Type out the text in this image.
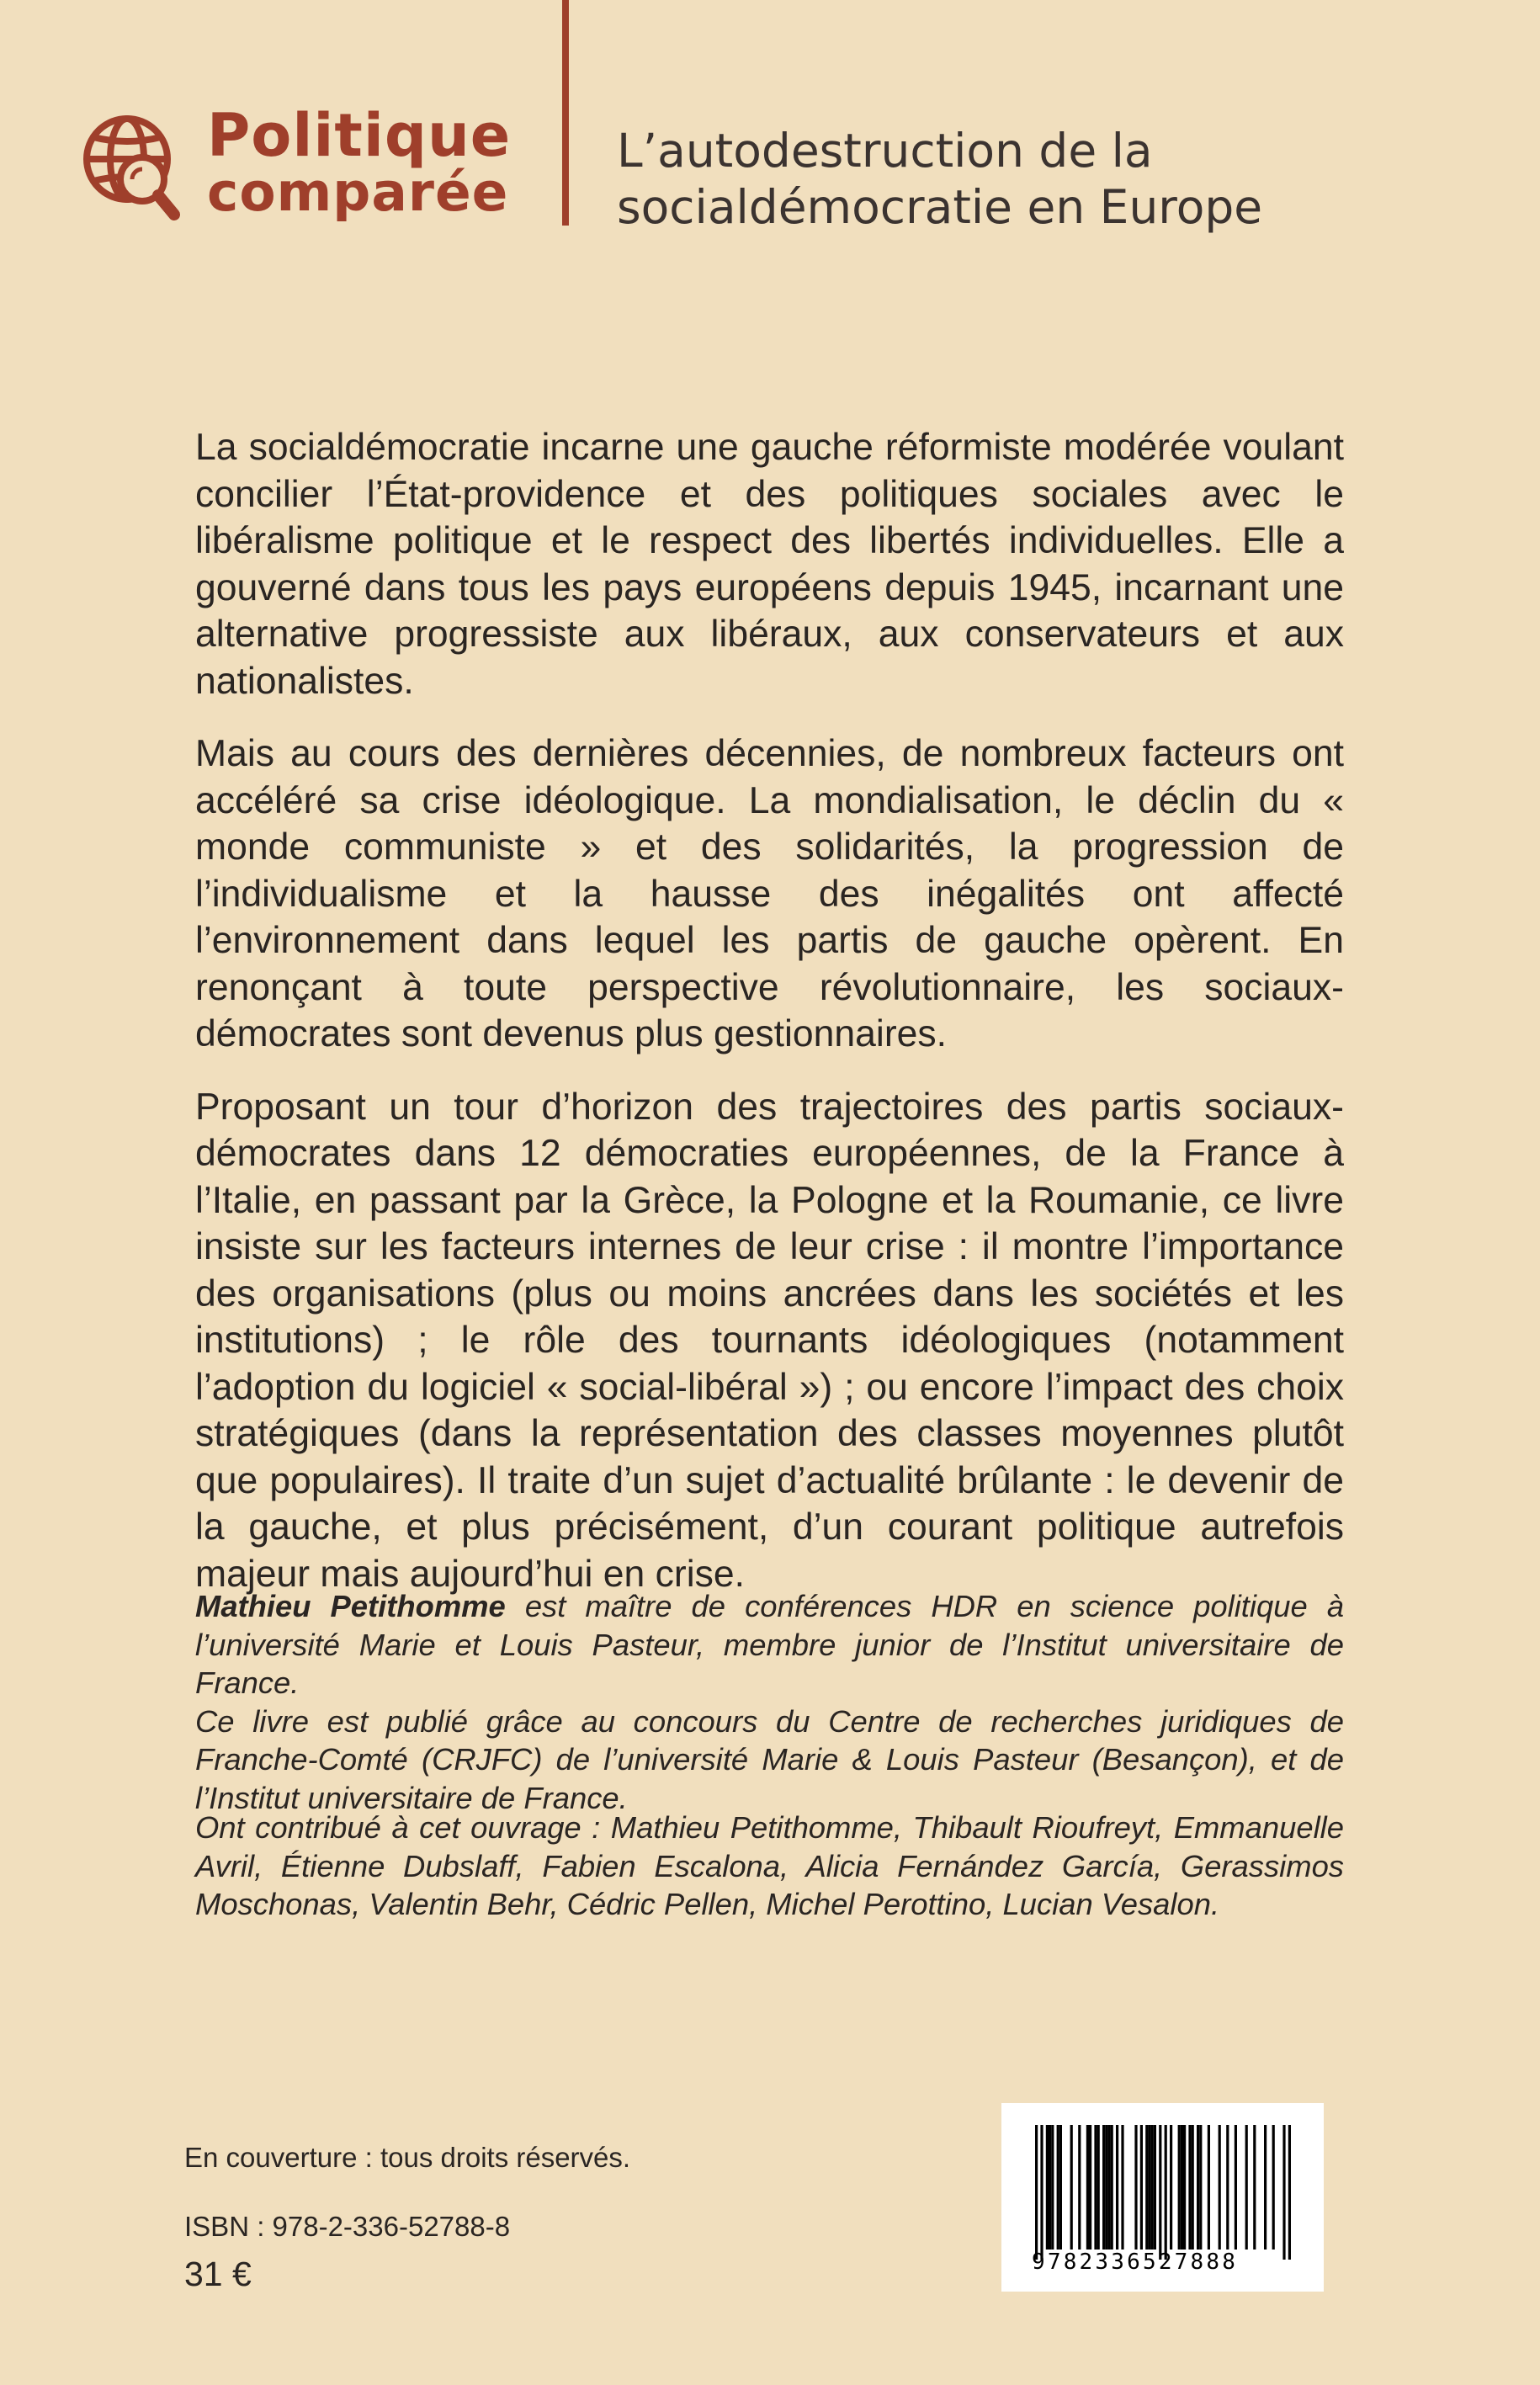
Politique
comparée
L’autodestruction de la
socialdémocratie en Europe

La socialdémocratie incarne une gauche réformiste modérée voulant concilier l’État-providence et des politiques sociales avec le libéralisme politique et le respect des libertés individuelles. Elle a gouverné dans tous les pays européens depuis 1945, incarnant une alternative progressiste aux libéraux, aux conservateurs et aux nationalistes.

Mais au cours des dernières décennies, de nombreux facteurs ont accéléré sa crise idéologique. La mondialisation, le déclin du « monde communiste » et des solidarités, la progression de l’individualisme et la hausse des inégalités ont affecté l’environnement dans lequel les partis de gauche opèrent. En renonçant à toute perspective révolutionnaire, les sociaux-démocrates sont devenus plus gestionnaires.

Proposant un tour d’horizon des trajectoires des partis sociaux-démocrates dans 12 démocraties européennes, de la France à l’Italie, en passant par la Grèce, la Pologne et la Roumanie, ce livre insiste sur les facteurs internes de leur crise : il montre l’importance des organisations (plus ou moins ancrées dans les sociétés et les institutions) ; le rôle des tournants idéologiques (notamment l’adoption du logiciel « social-libéral ») ; ou encore l’impact des choix stratégiques (dans la représentation des classes moyennes plutôt que populaires). Il traite d’un sujet d’actualité brûlante : le devenir de la gauche, et plus précisément, d’un courant politique autrefois majeur mais aujourd’hui en crise.

Mathieu Petithomme est maître de conférences HDR en science politique à l’université Marie et Louis Pasteur, membre junior de l’Institut universitaire de France.

Ce livre est publié grâce au concours du Centre de recherches juridiques de Franche-Comté (CRJFC) de l’université Marie & Louis Pasteur (Besançon), et de l’Institut universitaire de France.

Ont contribué à cet ouvrage : Mathieu Petithomme, Thibault Rioufreyt, Emmanuelle Avril, Étienne Dubslaff, Fabien Escalona, Alicia Fernández García, Gerassimos Moschonas, Valentin Behr, Cédric Pellen, Michel Perottino, Lucian Vesalon.
En couverture : tous droits réservés.
ISBN : 978-2-336-52788-8
31 €	9782336527888
